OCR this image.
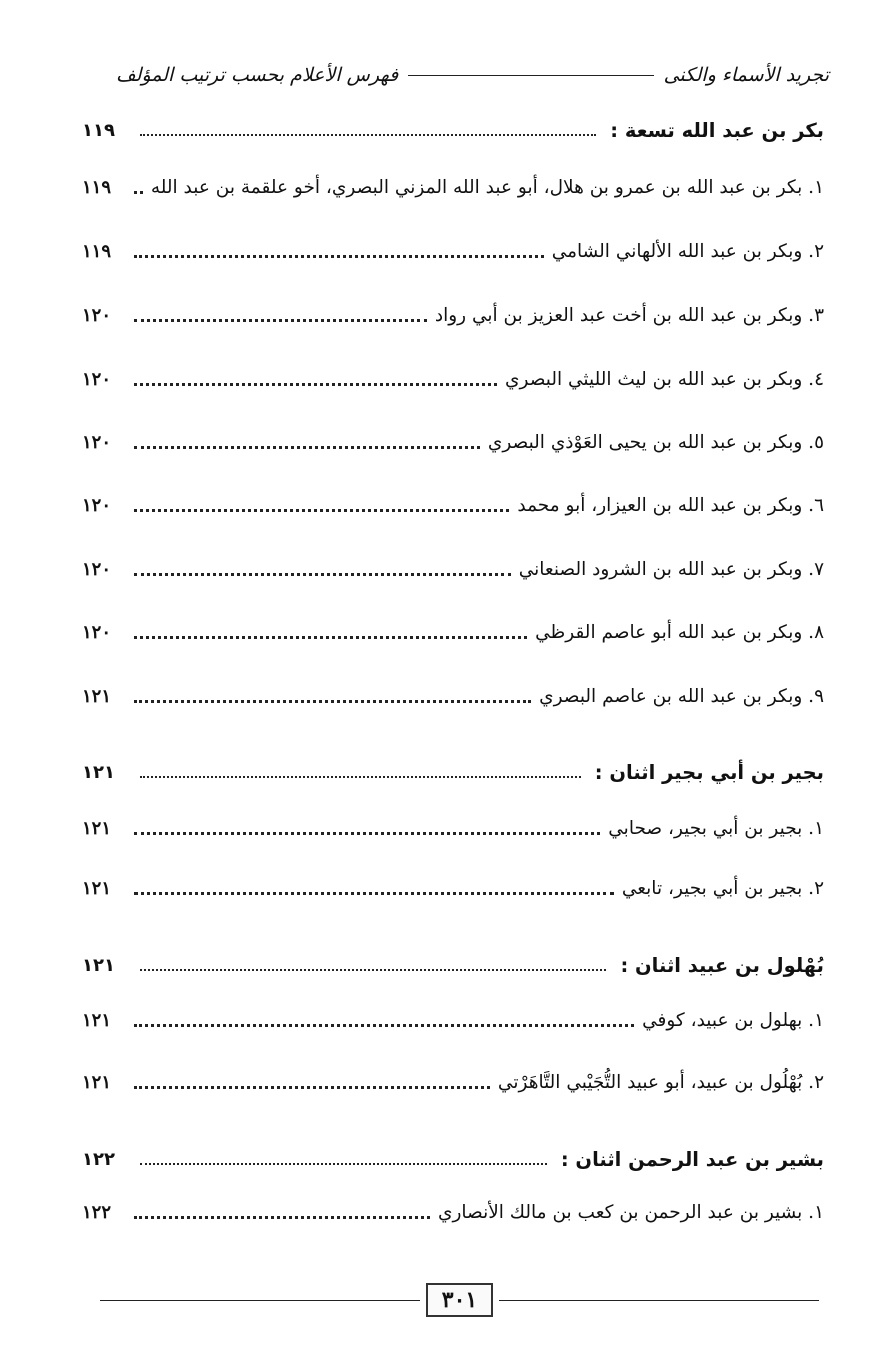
تجريد الأسماء والكنى
فهرس الأعلام بحسب ترتيب المؤلف
بكر بن عبد الله تسعة :
١١٩
١. بكر بن عبد الله بن عمرو بن هلال، أبو عبد الله المزني البصري، أخو علقمة بن عبد الله
١١٩
٢. وبكر بن عبد الله الألهاني الشامي
١١٩
٣. وبكر بن عبد الله بن أخت عبد العزيز بن أبي رواد
١٢٠
٤. وبكر بن عبد الله بن ليث الليثي البصري
١٢٠
٥. وبكر بن عبد الله بن يحيى العَوْذي البصري
١٢٠
٦. وبكر بن عبد الله بن العيزار، أبو محمد
١٢٠
٧. وبكر بن عبد الله بن الشرود الصنعاني
١٢٠
٨. وبكر بن عبد الله أبو عاصم القرظي
١٢٠
٩. وبكر بن عبد الله بن عاصم البصري
١٢١
بجير بن أبي بجير اثنان :
١٢١
١. بجير بن أبي بجير، صحابي
١٢١
٢. بجير بن أبي بجير، تابعي
١٢١
بُهْلول بن عبيد اثنان :
١٢١
١. بهلول بن عبيد، كوفي
١٢١
٢. بُهْلُول بن عبيد، أبو عبيد التُّجَيْبي التَّاهَرْتي
١٢١
بشير بن عبد الرحمن اثنان :
١٢٢
١. بشير بن عبد الرحمن بن كعب بن مالك الأنصاري
١٢٢
٣٠١
